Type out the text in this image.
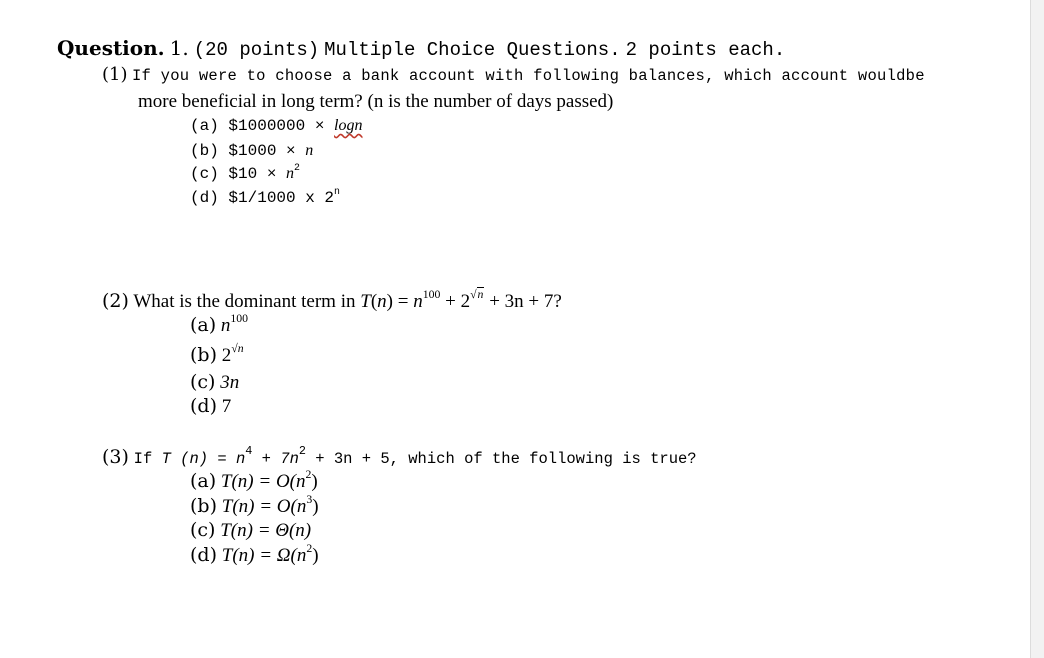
Question. 1. (20 points) Multiple Choice Questions. 2 points each.
(1) If you were to choose a bank account with following balances, which account wouldbe
more beneficial in long term? (n is the number of days passed)
(a) $1000000 × logn
(b) $1000 × n
(c) $10 × $n^2$
(d) $1/1000 x 2$^n$
(2) What is the dominant term in $T(n) = n^{100} + 2^{√n} + 3n + 7$?
(a) $n^{100}$
(b) $2^{√n}$
(c) 3n
(d) 7
(3) If T $(n) = n^4 + 7n^2 + 3n + 5$, which of the following is true?
(a) $T(n) = O(n^2)$
(b) $T(n) = O(n^3)$
(c) T(n) = Θ(n)
(d) $T(n) = \Omega(n^2)$
